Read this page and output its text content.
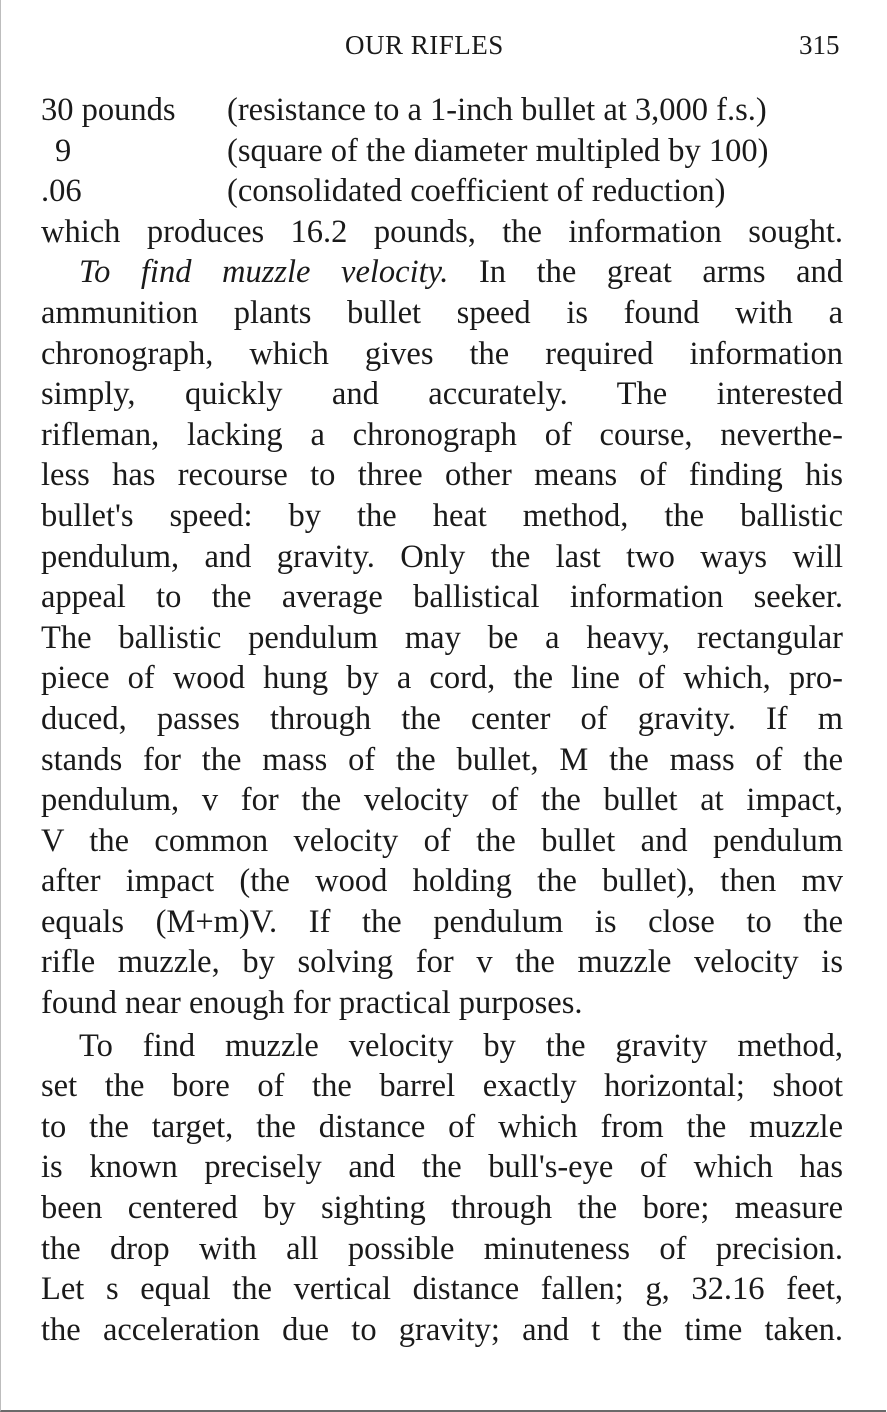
OUR RIFLES	315
30 pounds (resistance to a 1-inch bullet at 3,000 f.s.)
9	(square of the diameter multipled by 100)
.06	(consolidated coefficient of reduction)
which produces 16.2 pounds, the information sought.
To find muzzle velocity. In the great arms and
ammunition plants bullet speed is found with a
chronograph, which gives the required information
simply, quickly and accurately. The interested
rifleman, lacking a chronograph of course, neverthe-
less has recourse to three other means of finding his
bullet's speed: by the heat method, the ballistic
pendulum, and gravity. Only the last two ways will
appeal to the average ballistical information seeker.
The ballistic pendulum may be a heavy, rectangular
piece of wood hung by a cord, the line of which, pro-
duced, passes through the center of gravity. If m
stands for the mass of the bullet, M the mass of the
pendulum, v for the velocity of the bullet at impact,
V the common velocity of the bullet and pendulum
after impact (the wood holding the bullet), then mv
equals (M+m)V. If the pendulum is close to the
rifle muzzle, by solving for v the muzzle velocity is
found near enough for practical purposes.
To find muzzle velocity by the gravity method,
set the bore of the barrel exactly horizontal; shoot
to the target, the distance of which from the muzzle
is known precisely and the bull's-eye of which has
been centered by sighting through the bore; measure
the drop with all possible minuteness of precision.
Let s equal the vertical distance fallen; g, 32.16 feet,
the acceleration due to gravity; and t the time taken.
